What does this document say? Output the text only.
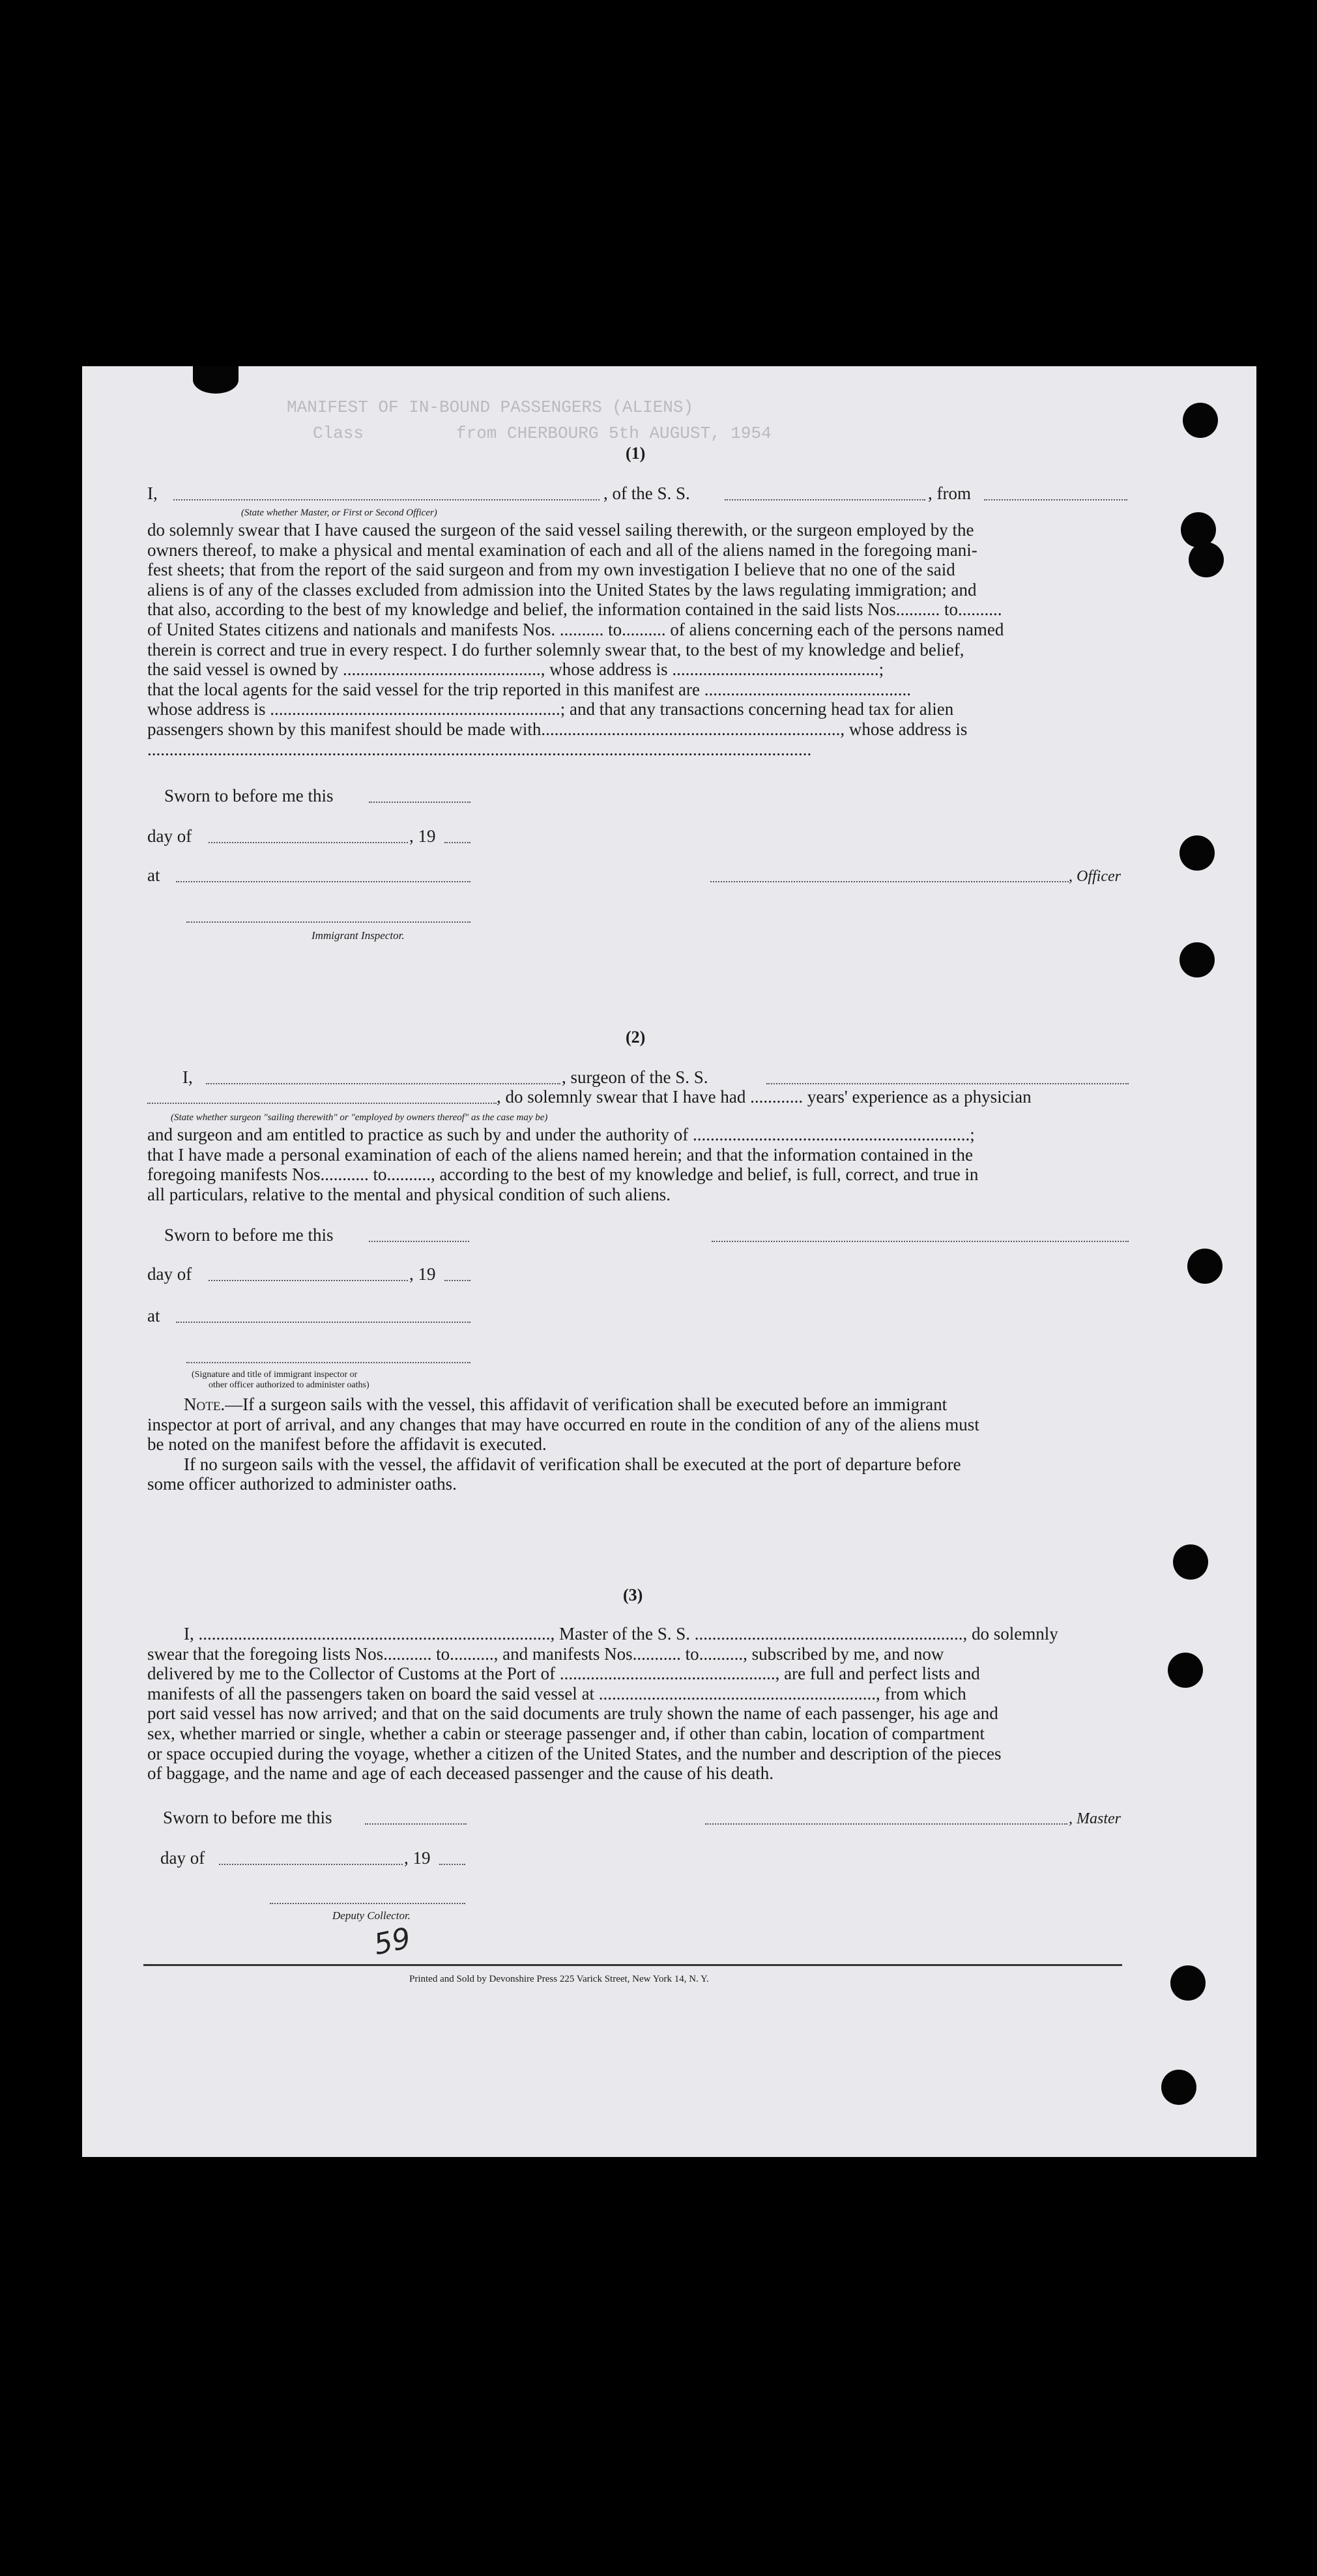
MANIFEST OF IN-BOUND PASSENGERS (ALIENS)
Class	from CHERBOURG 5th AUGUST, 1954
(1)
I,	, of the S. S.	, from
(State whether Master, or First or Second Officer)
do solemnly swear that I have caused the surgeon of the said vessel sailing therewith, or the surgeon employed by the
owners thereof, to make a physical and mental examination of each and all of the aliens named in the foregoing mani-
fest sheets; that from the report of the said surgeon and from my own investigation I believe that no one of the said
aliens is of any of the classes excluded from admission into the United States by the laws regulating immigration; and
that also, according to the best of my knowledge and belief, the information contained in the said lists Nos.......... to..........
of United States citizens and nationals and manifests Nos. .......... to.......... of aliens concerning each of the persons named
therein is correct and true in every respect. I do further solemnly swear that, to the best of my knowledge and belief,
the said vessel is owned by ............................................., whose address is ...............................................;
that the local agents for the said vessel for the trip reported in this manifest are ...............................................
whose address is ..................................................................; and that any transactions concerning head tax for alien
passengers shown by this manifest should be made with...................................................................., whose address is
.......................................................................................................................................................
Sworn to before me this
day of	, 19
at	, Officer
Immigrant Inspector.
(2)
I,	, surgeon of the S. S.
, do solemnly swear that I have had ............ years' experience as a physician
(State whether surgeon "sailing therewith" or "employed by owners thereof" as the case may be)
and surgeon and am entitled to practice as such by and under the authority of ...............................................................;
that I have made a personal examination of each of the aliens named herein; and that the information contained in the
foregoing manifests Nos........... to.........., according to the best of my knowledge and belief, is full, correct, and true in
all particulars, relative to the mental and physical condition of such aliens.
Sworn to before me this
day of	, 19
at
(Signature and title of immigrant inspector or
other officer authorized to administer oaths)
Note.—If a surgeon sails with the vessel, this affidavit of verification shall be executed before an immigrant
inspector at port of arrival, and any changes that may have occurred en route in the condition of any of the aliens must
be noted on the manifest before the affidavit is executed.
If no surgeon sails with the vessel, the affidavit of verification shall be executed at the port of departure before
some officer authorized to administer oaths.
(3)
I, ................................................................................, Master of the S. S. ............................................................., do solemnly
swear that the foregoing lists Nos........... to.........., and manifests Nos........... to.........., subscribed by me, and now
delivered by me to the Collector of Customs at the Port of ................................................., are full and perfect lists and
manifests of all the passengers taken on board the said vessel at ..............................................................., from which
port said vessel has now arrived; and that on the said documents are truly shown the name of each passenger, his age and
sex, whether married or single, whether a cabin or steerage passenger and, if other than cabin, location of compartment
or space occupied during the voyage, whether a citizen of the United States, and the number and description of the pieces
of baggage, and the name and age of each deceased passenger and the cause of his death.
Sworn to before me this	, Master
day of	, 19
Deputy Collector.
59
Printed and Sold by Devonshire Press 225 Varick Street, New York 14, N. Y.
